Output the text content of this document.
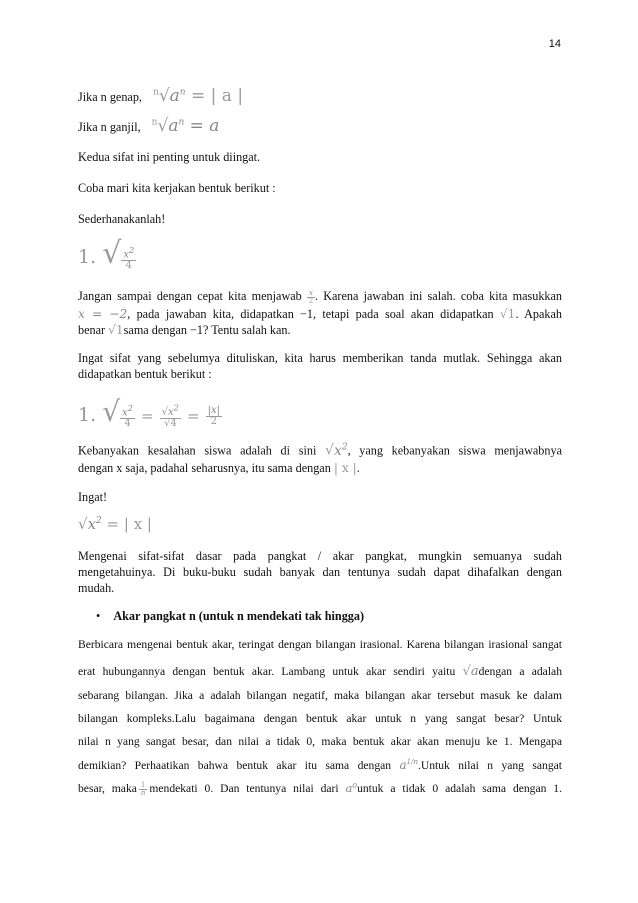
14
Jika n genap, $^n√a^n$ = | a |
Jika n ganjil, $^n√a^n = a$
Kedua sifat ini penting untuk diingat.
Coba mari kita kerjakan bentuk berikut :
Sederhanakanlah!
1. √ $\frac{x^2}{4}$
Jangan sampai dengan cepat kita menjawab $\frac{x}{2}$ . Karena jawaban ini salah. coba kita masukkan
x = −2, pada jawaban kita, didapatkan −1, tetapi pada soal akan didapatkan √1. Apakah
benar √1sama dengan −1? Tentu salah kan.
Ingat sifat yang sebelumya dituliskan, kita harus memberikan tanda mutlak. Sehingga akan
didapatkan bentuk berikut :
1. √ $\frac{x^2}{4} = \frac{√x^2}{√4} = \frac{|x|}{2}$
Kebanyakan kesalahan siswa adalah di sini $√x^2$, yang kebanyakan siswa menjawabnya
dengan x saja, padahal seharusnya, itu sama dengan | x |.
Ingat!
$√x^2$ = | x |
Mengenai sifat-sifat dasar pada pangkat / akar pangkat, mungkin semuanya sudah
mengetahuinya. Di buku-buku sudah banyak dan tentunya sudah dapat dihafalkan dengan
mudah.
• Akar pangkat n (untuk n mendekati tak hingga)
Berbicara mengenai bentuk akar, teringat dengan bilangan irasional. Karena bilangan irasional sangat
erat hubungannya dengan bentuk akar. Lambang untuk akar sendiri yaitu √adengan a adalah
sebarang bilangan. Jika a adalah bilangan negatif, maka bilangan akar tersebut masuk ke dalam
bilangan kompleks.Lalu bagaimana dengan bentuk akar untuk n yang sangat besar? Untuk
nilai n yang sangat besar, dan nilai a tidak 0, maka bentuk akar akan menuju ke 1. Mengapa
demikian? Perhaatikan bahwa bentuk akar itu sama dengan $a^{1/n}.Untuk$ nilai n yang sangat
besar, maka $\frac{1}{n}$ mendekati 0. Dan tentunya nilai dari a⁰untuk a tidak 0 adalah sama dengan 1.
